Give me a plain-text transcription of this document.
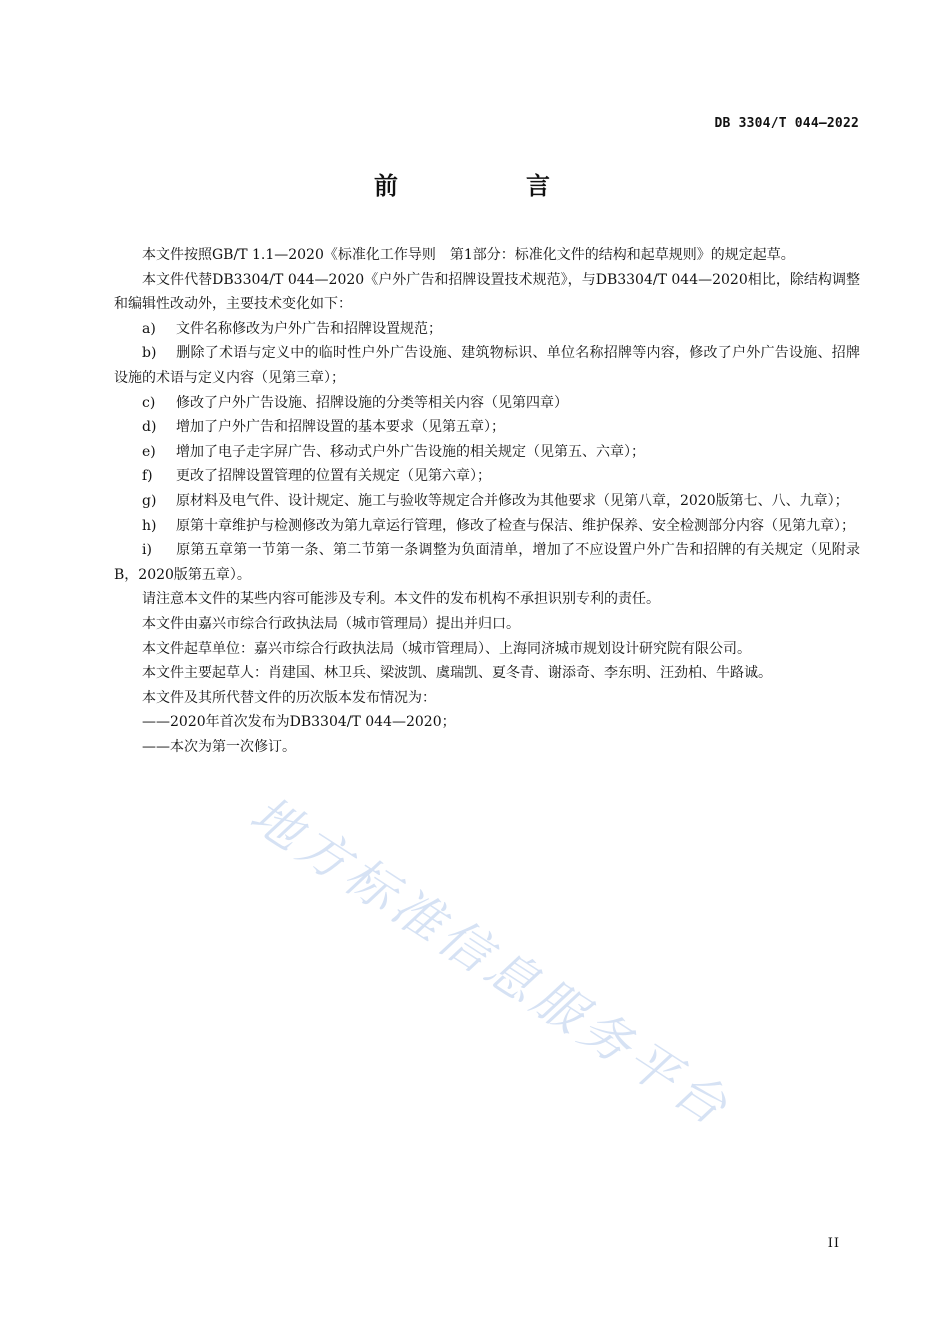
DB 3304/T 044—2022
前　言

本文件按照GB/T 1.1—2020《标准化工作导则　第1部分：标准化文件的结构和起草规则》的规定起草。

本文件代替DB3304/T 044—2020《户外广告和招牌设置技术规范》，与DB3304/T 044—2020相比，除结构调整和编辑性改动外，主要技术变化如下：

a) 文件名称修改为户外广告和招牌设置规范；

b) 删除了术语与定义中的临时性户外广告设施、建筑物标识、单位名称招牌等内容，修改了户外广告设施、招牌设施的术语与定义内容（见第三章）；

c) 修改了户外广告设施、招牌设施的分类等相关内容（见第四章）

d) 增加了户外广告和招牌设置的基本要求（见第五章）；

e) 增加了电子走字屏广告、移动式户外广告设施的相关规定（见第五、六章）；

f) 更改了招牌设置管理的位置有关规定（见第六章）；

g) 原材料及电气件、设计规定、施工与验收等规定合并修改为其他要求（见第八章，2020版第七、八、九章）；

h) 原第十章维护与检测修改为第九章运行管理，修改了检查与保洁、维护保养、安全检测部分内容（见第九章）；

i) 原第五章第一节第一条、第二节第一条调整为负面清单，增加了不应设置户外广告和招牌的有关规定（见附录B，2020版第五章）。

请注意本文件的某些内容可能涉及专利。本文件的发布机构不承担识别专利的责任。

本文件由嘉兴市综合行政执法局（城市管理局）提出并归口。

本文件起草单位：嘉兴市综合行政执法局（城市管理局）、上海同济城市规划设计研究院有限公司。

本文件主要起草人：肖建国、林卫兵、梁波凯、虞瑞凯、夏冬青、谢添奇、李东明、汪劲柏、牛路诚。

本文件及其所代替文件的历次版本发布情况为：

——2020年首次发布为DB3304/T 044—2020；

——本次为第一次修订。

地方标准信息服务平台
II
